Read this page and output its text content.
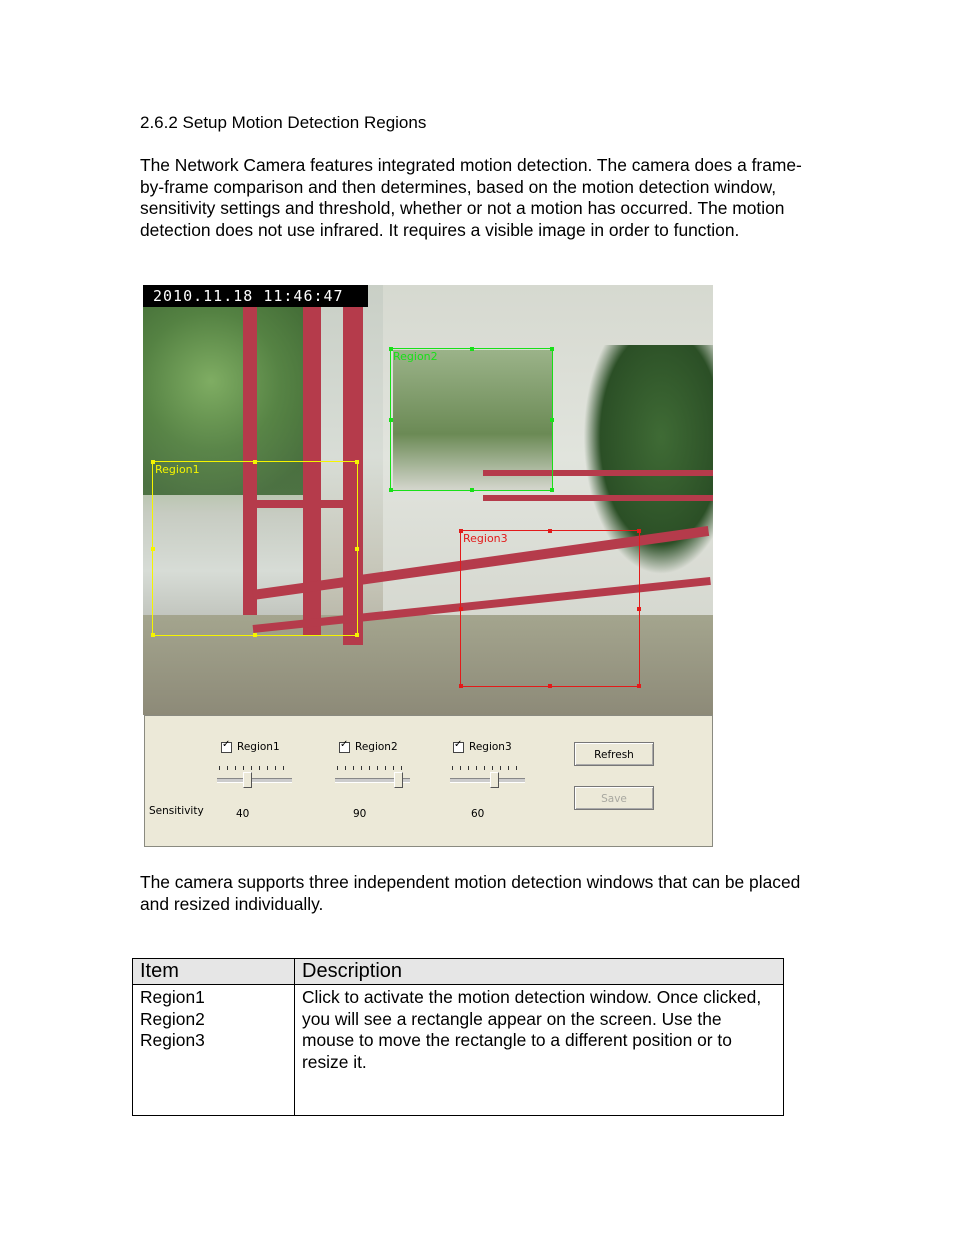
2.6.2 Setup Motion Detection Regions

The Network Camera features integrated motion detection. The camera does a frame-by-frame comparison and then determines, based on the motion detection window, sensitivity settings and threshold, whether or not a motion has occurred. The motion detection does not use infrared. It requires a visible image in order to function.

2010.11.18 11:46:47
Region1
Region2
Region3
✓
Region1 ✓	Region2 ✓	Region3
Sensitivity	40	90	60
Refresh
Save

The camera supports three independent motion detection windows that can be placed and resized individually.

Item	Description

Region1
Region2
Region3	Click to activate the motion detection window. Once clicked, you will see a rectangle appear on the screen. Use the mouse to move the rectangle to a different position or to resize it.
